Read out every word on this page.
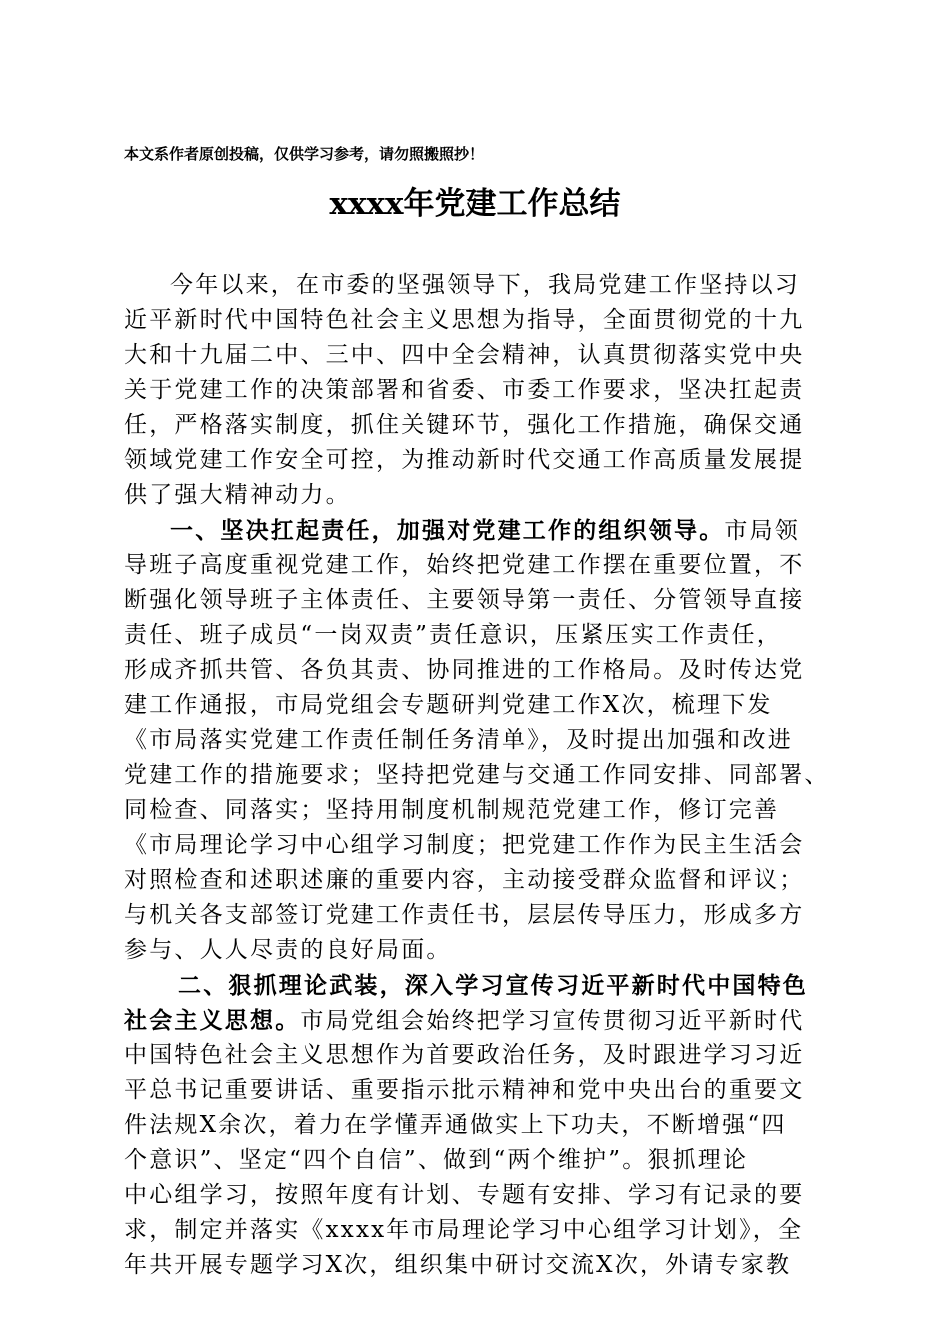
本文系作者原创投稿，仅供学习参考，请勿照搬照抄！
xxxx年党建工作总结
今年以来，在市委的坚强领导下，我局党建工作坚持以习
近平新时代中国特色社会主义思想为指导，全面贯彻党的十九
大和十九届二中、三中、四中全会精神，认真贯彻落实党中央
关于党建工作的决策部署和省委、市委工作要求，坚决扛起责
任，严格落实制度，抓住关键环节，强化工作措施，确保交通
领域党建工作安全可控，为推动新时代交通工作高质量发展提
供了强大精神动力。
一、坚决扛起责任，加强对党建工作的组织领导。市局领
导班子高度重视党建工作，始终把党建工作摆在重要位置，不
断强化领导班子主体责任、主要领导第一责任、分管领导直接
责任、班子成员“一岗双责”责任意识，压紧压实工作责任，
形成齐抓共管、各负其责、协同推进的工作格局。及时传达党
建工作通报，市局党组会专题研判党建工作X次，梳理下发
《市局落实党建工作责任制任务清单》，及时提出加强和改进
党建工作的措施要求；坚持把党建与交通工作同安排、同部署、
同检查、同落实；坚持用制度机制规范党建工作，修订完善
《市局理论学习中心组学习制度；把党建工作作为民主生活会
对照检查和述职述廉的重要内容，主动接受群众监督和评议；
与机关各支部签订党建工作责任书，层层传导压力，形成多方
参与、人人尽责的良好局面。
二、狠抓理论武装，深入学习宣传习近平新时代中国特色
社会主义思想。市局党组会始终把学习宣传贯彻习近平新时代
中国特色社会主义思想作为首要政治任务，及时跟进学习习近
平总书记重要讲话、重要指示批示精神和党中央出台的重要文
件法规X余次，着力在学懂弄通做实上下功夫，不断增强“四
个意识”、坚定“四个自信”、做到“两个维护”。狠抓理论
中心组学习，按照年度有计划、专题有安排、学习有记录的要
求，制定并落实《xxxx年市局理论学习中心组学习计划》，全
年共开展专题学习X次，组织集中研讨交流X次，外请专家教
